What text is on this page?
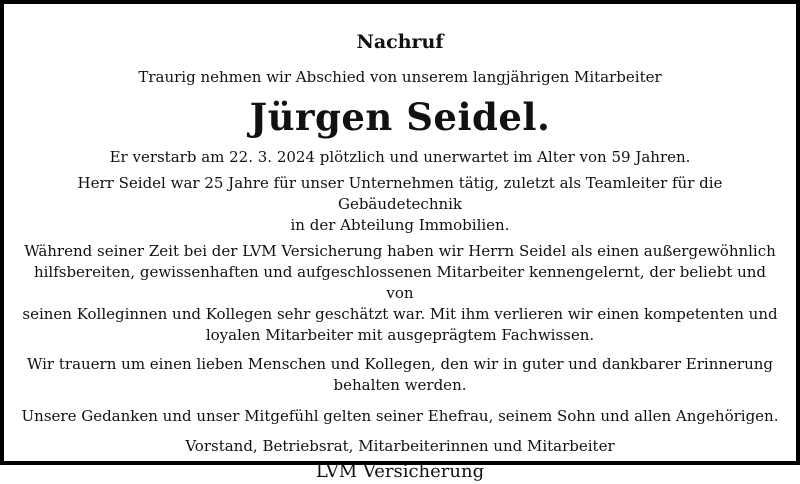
Nachruf
Traurig nehmen wir Abschied von unserem langjährigen Mitarbeiter
Jürgen Seidel.
Er verstarb am 22. 3. 2024 plötzlich und unerwartet im Alter von 59 Jahren.
Herr Seidel war 25 Jahre für unser Unternehmen tätig, zuletzt als Teamleiter für die Gebäudetechnik
in der Abteilung Immobilien.
Während seiner Zeit bei der LVM Versicherung haben wir Herrn Seidel als einen außergewöhnlich
hilfsbereiten, gewissenhaften und aufgeschlossenen Mitarbeiter kennengelernt, der beliebt und von
seinen Kolleginnen und Kollegen sehr geschätzt war. Mit ihm verlieren wir einen kompetenten und
loyalen Mitarbeiter mit ausgeprägtem Fachwissen.
Wir trauern um einen lieben Menschen und Kollegen, den wir in guter und dankbarer Erinnerung
behalten werden.
Unsere Gedanken und unser Mitgefühl gelten seiner Ehefrau, seinem Sohn und allen Angehörigen.
Vorstand, Betriebsrat, Mitarbeiterinnen und Mitarbeiter
LVM Versicherung
